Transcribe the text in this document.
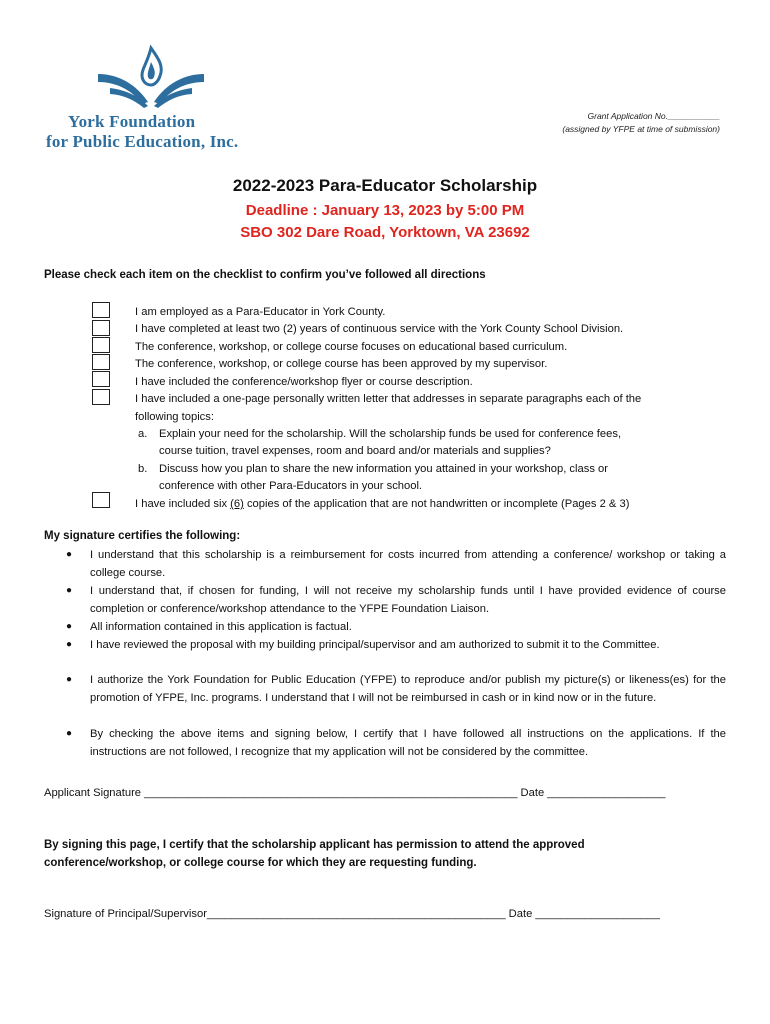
York Foundation
for Public Education, Inc.
Grant Application No.___________
(assigned by YFPE at time of submission)
2022-2023 Para-Educator Scholarship
Deadline : January 13, 2023 by 5:00 PM
SBO 302 Dare Road, Yorktown, VA 23692
Please check each item on the checklist to confirm you’ve followed all directions
I am employed as a Para-Educator in York County.
I have completed at least two (2) years of continuous service with the York County School Division.
The conference, workshop, or college course focuses on educational based curriculum.
The conference, workshop, or college course has been approved by my supervisor.
I have included the conference/workshop flyer or course description.
I have included a one-page personally written letter that addresses in separate paragraphs each of the
following topics:
a. Explain your need for the scholarship. Will the scholarship funds be used for conference fees,
course tuition, travel expenses, room and board and/or materials and supplies?
b. Discuss how you plan to share the new information you attained in your workshop, class or
conference with other Para-Educators in your school.
I have included six (6) copies of the application that are not handwritten or incomplete (Pages 2 & 3)
My signature certifies the following:
● I understand that this scholarship is a reimbursement for costs incurred from attending a conference/ workshop or taking a college course.
● I understand that, if chosen for funding, I will not receive my scholarship funds until I have provided evidence of course completion or conference/workshop attendance to the YFPE Foundation Liaison.
● All information contained in this application is factual.
● I have reviewed the proposal with my building principal/supervisor and am authorized to submit it to the Committee.
● I authorize the York Foundation for Public Education (YFPE) to reproduce and/or publish my picture(s) or likeness(es) for the promotion of YFPE, Inc. programs. I understand that I will not be reimbursed in cash or in kind now or in the future.
● By checking the above items and signing below, I certify that I have followed all instructions on the applications. If the instructions are not followed, I recognize that my application will not be considered by the committee.
Applicant Signature ____________________________________________________________ Date ___________________
By signing this page, I certify that the scholarship applicant has permission to attend the approved
conference/workshop, or college course for which they are requesting funding.
Signature of Principal/Supervisor________________________________________________ Date ____________________
